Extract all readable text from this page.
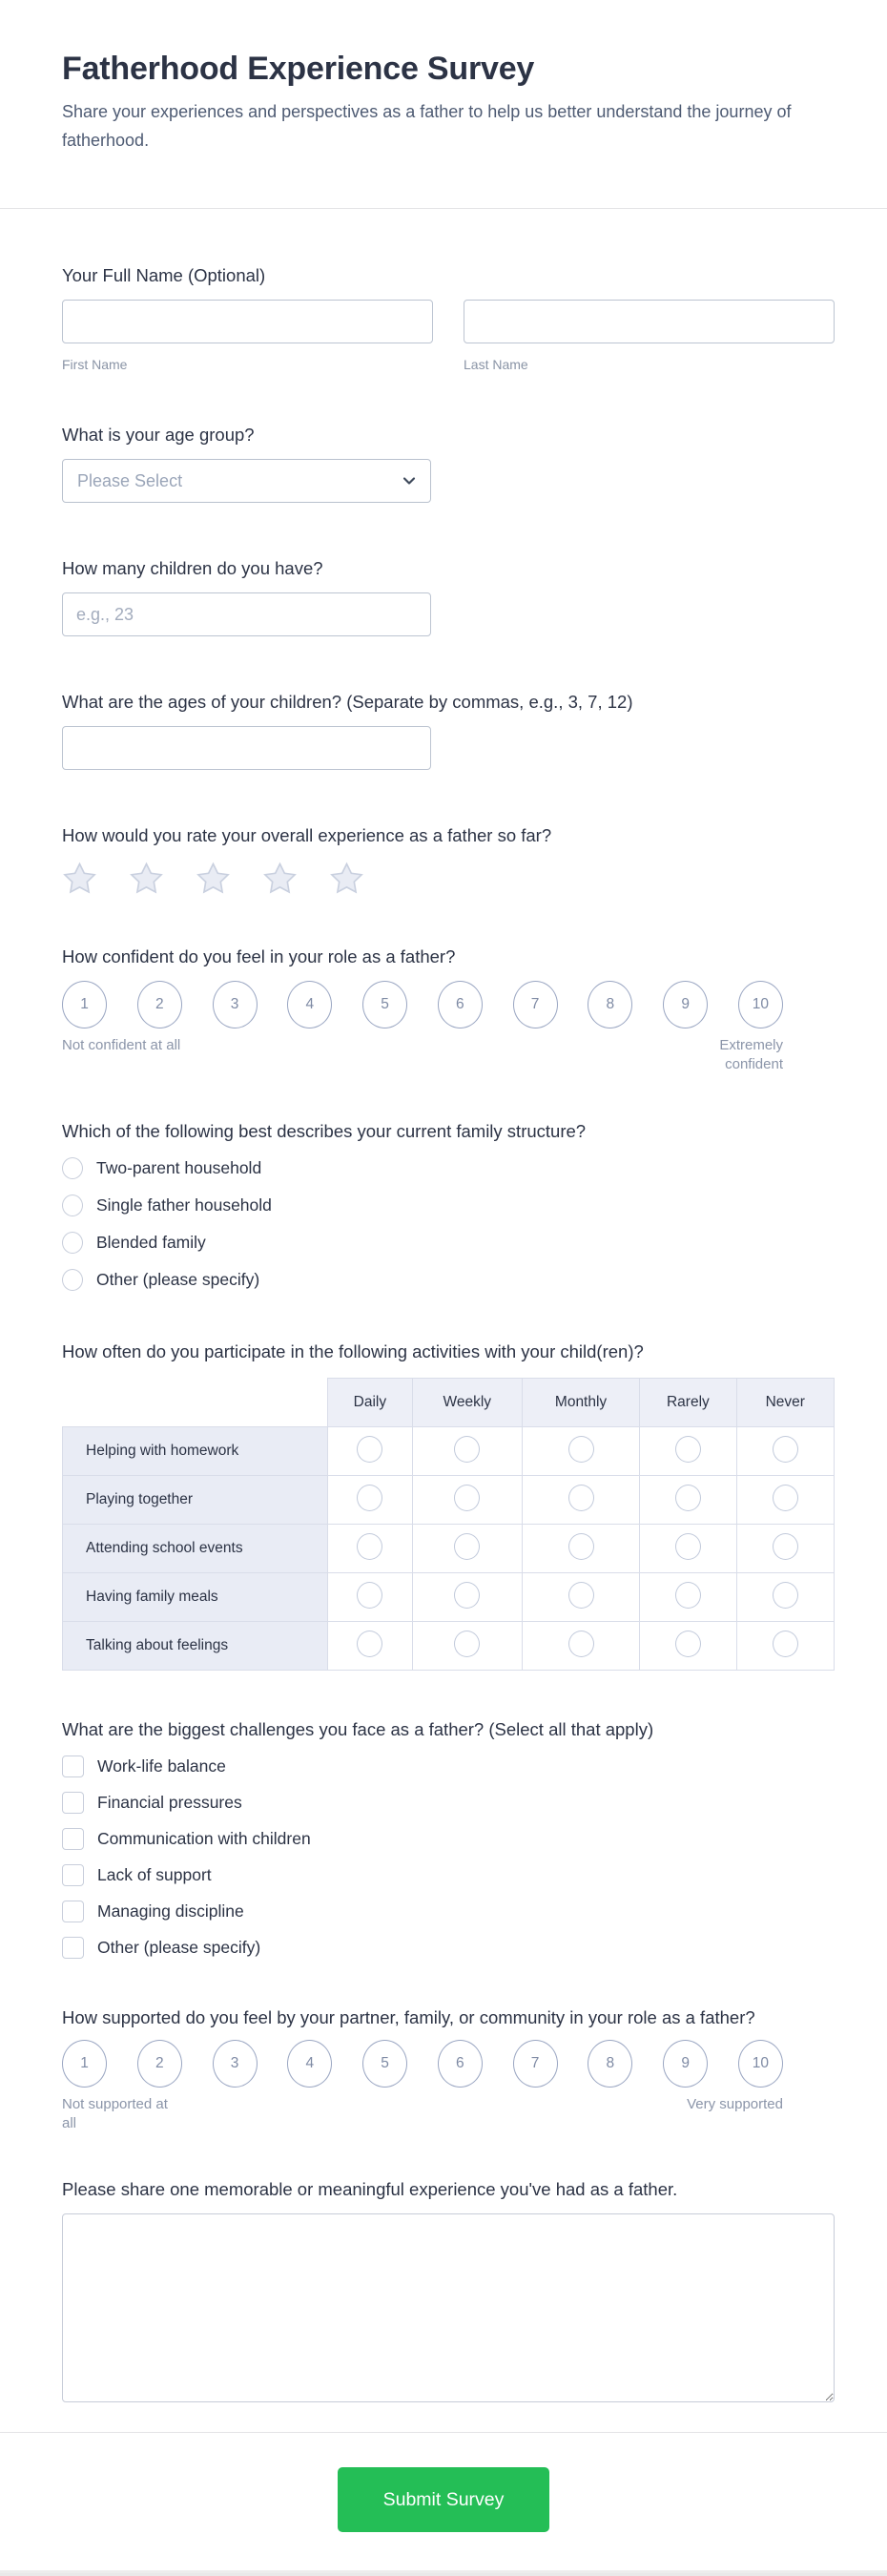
Fatherhood Experience Survey

Share your experiences and perspectives as a father to help us better understand the journey of fatherhood.

Your Full Name (Optional)
First Name	Last Name
What is your age group?
Please Select
How many children do you have?
e.g., 23
What are the ages of your children? (Separate by commas, e.g., 3, 7, 12)
How would you rate your overall experience as a father so far?
How confident do you feel in your role as a father?
1	2	3	4	5	6	7	8	9	10
Not confident at all	Extremely confident
Which of the following best describes your current family structure?
Two-parent household
Single father household
Blended family
Other (please specify)
How often do you participate in the following activities with your child(ren)?
	Daily	Weekly	Monthly	Rarely	Never
Helping with homework					
Playing together					
Attending school events					
Having family meals					
Talking about feelings					
What are the biggest challenges you face as a father? (Select all that apply)
Work-life balance
Financial pressures
Communication with children
Lack of support
Managing discipline
Other (please specify)
How supported do you feel by your partner, family, or community in your role as a father?
1	2	3	4	5	6	7	8	9	10
Not supported at all
Very supported
Please share one memorable or meaningful experience you've had as a father.
Submit Survey
